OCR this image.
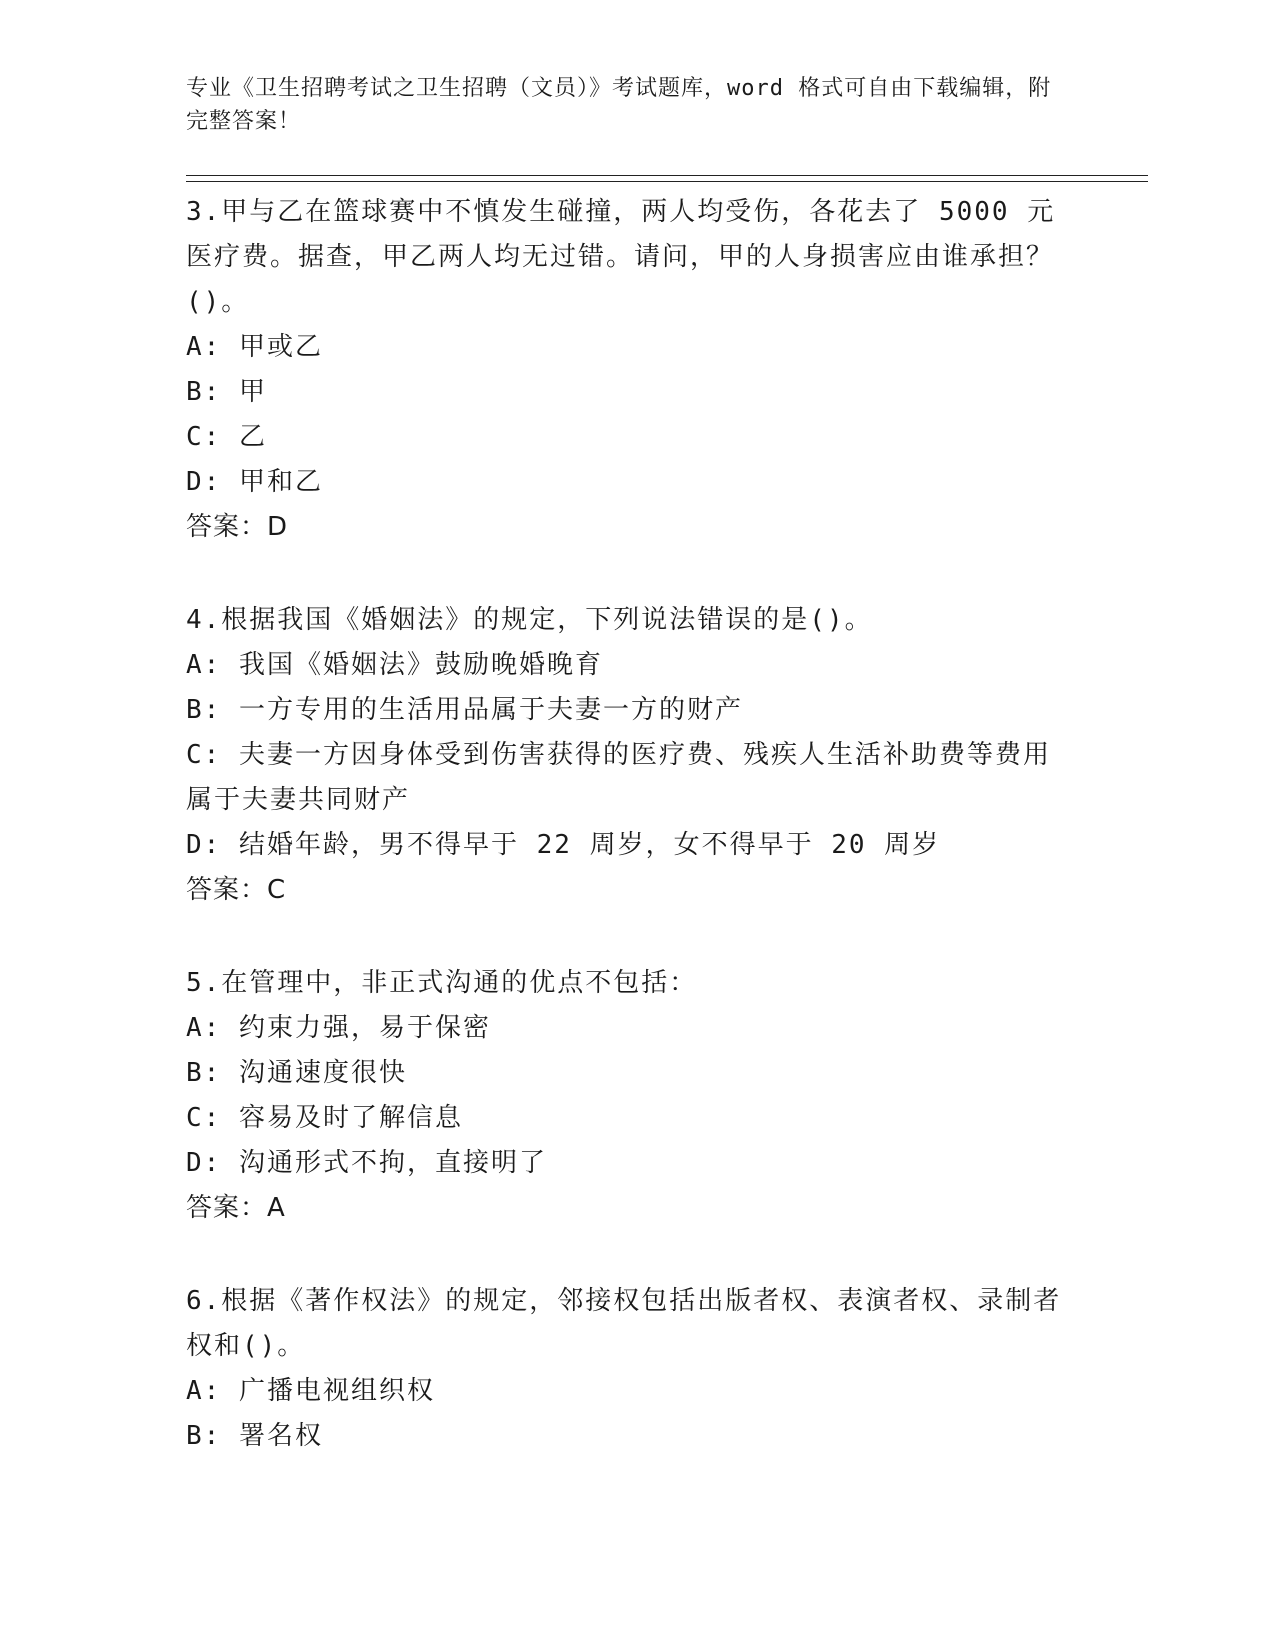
专业《卫生招聘考试之卫生招聘（文员）》考试题库，word 格式可自由下载编辑，附完整答案！

3.甲与乙在篮球赛中不慎发生碰撞，两人均受伤，各花去了 5000 元医疗费。据查，甲乙两人均无过错。请问，甲的人身损害应由谁承担？()。

A: 甲或乙

B: 甲

C: 乙

D: 甲和乙

答案：D

4.根据我国《婚姻法》的规定，下列说法错误的是()。

A: 我国《婚姻法》鼓励晚婚晚育

B: 一方专用的生活用品属于夫妻一方的财产

C: 夫妻一方因身体受到伤害获得的医疗费、残疾人生活补助费等费用属于夫妻共同财产

D: 结婚年龄，男不得早于 22 周岁，女不得早于 20 周岁

答案：C

5.在管理中，非正式沟通的优点不包括：

A: 约束力强，易于保密

B: 沟通速度很快

C: 容易及时了解信息

D: 沟通形式不拘，直接明了

答案：A

6.根据《著作权法》的规定，邻接权包括出版者权、表演者权、录制者权和()。

A: 广播电视组织权

B: 署名权
